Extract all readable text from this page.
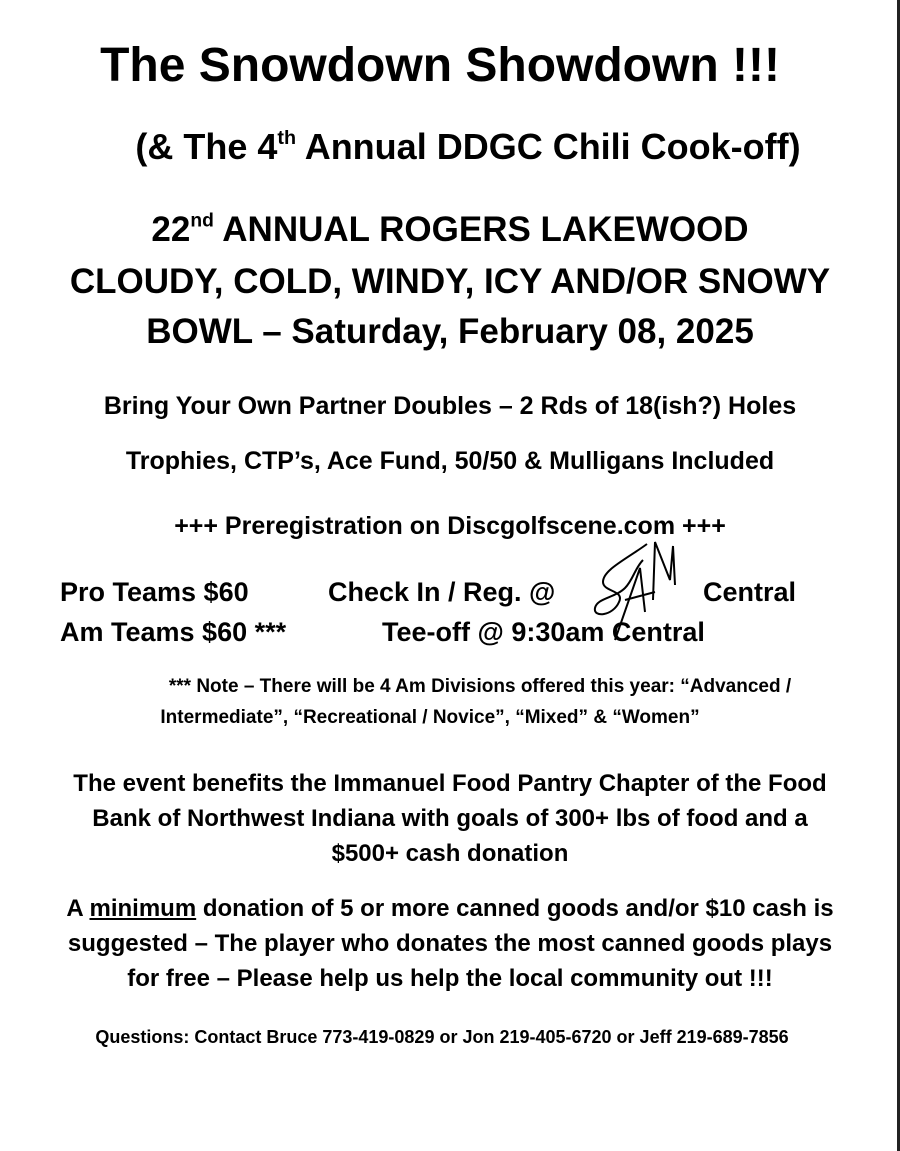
The Snowdown Showdown !!!
(& The 4th Annual DDGC Chili Cook-off)
22nd ANNUAL ROGERS LAKEWOOD
CLOUDY, COLD, WINDY, ICY AND/OR SNOWY
BOWL – Saturday, February 08, 2025
Bring Your Own Partner Doubles – 2 Rds of 18(ish?) Holes
Trophies, CTP’s, Ace Fund, 50/50 & Mulligans Included
+++ Preregistration on Discgolfscene.com +++
Pro Teams $60
Am Teams $60 ***
Check In / Reg. @	Central
Tee-off @ 9:30am Central
*** Note – There will be 4 Am Divisions offered this year: “Advanced /
Intermediate”, “Recreational / Novice”, “Mixed” & “Women”
The event benefits the Immanuel Food Pantry Chapter of the Food
Bank of Northwest Indiana with goals of 300+ lbs of food and a
$500+ cash donation
A minimum donation of 5 or more canned goods and/or $10 cash is
suggested – The player who donates the most canned goods plays
for free – Please help us help the local community out !!!
Questions: Contact Bruce 773-419-0829 or Jon 219-405-6720 or Jeff 219-689-7856
